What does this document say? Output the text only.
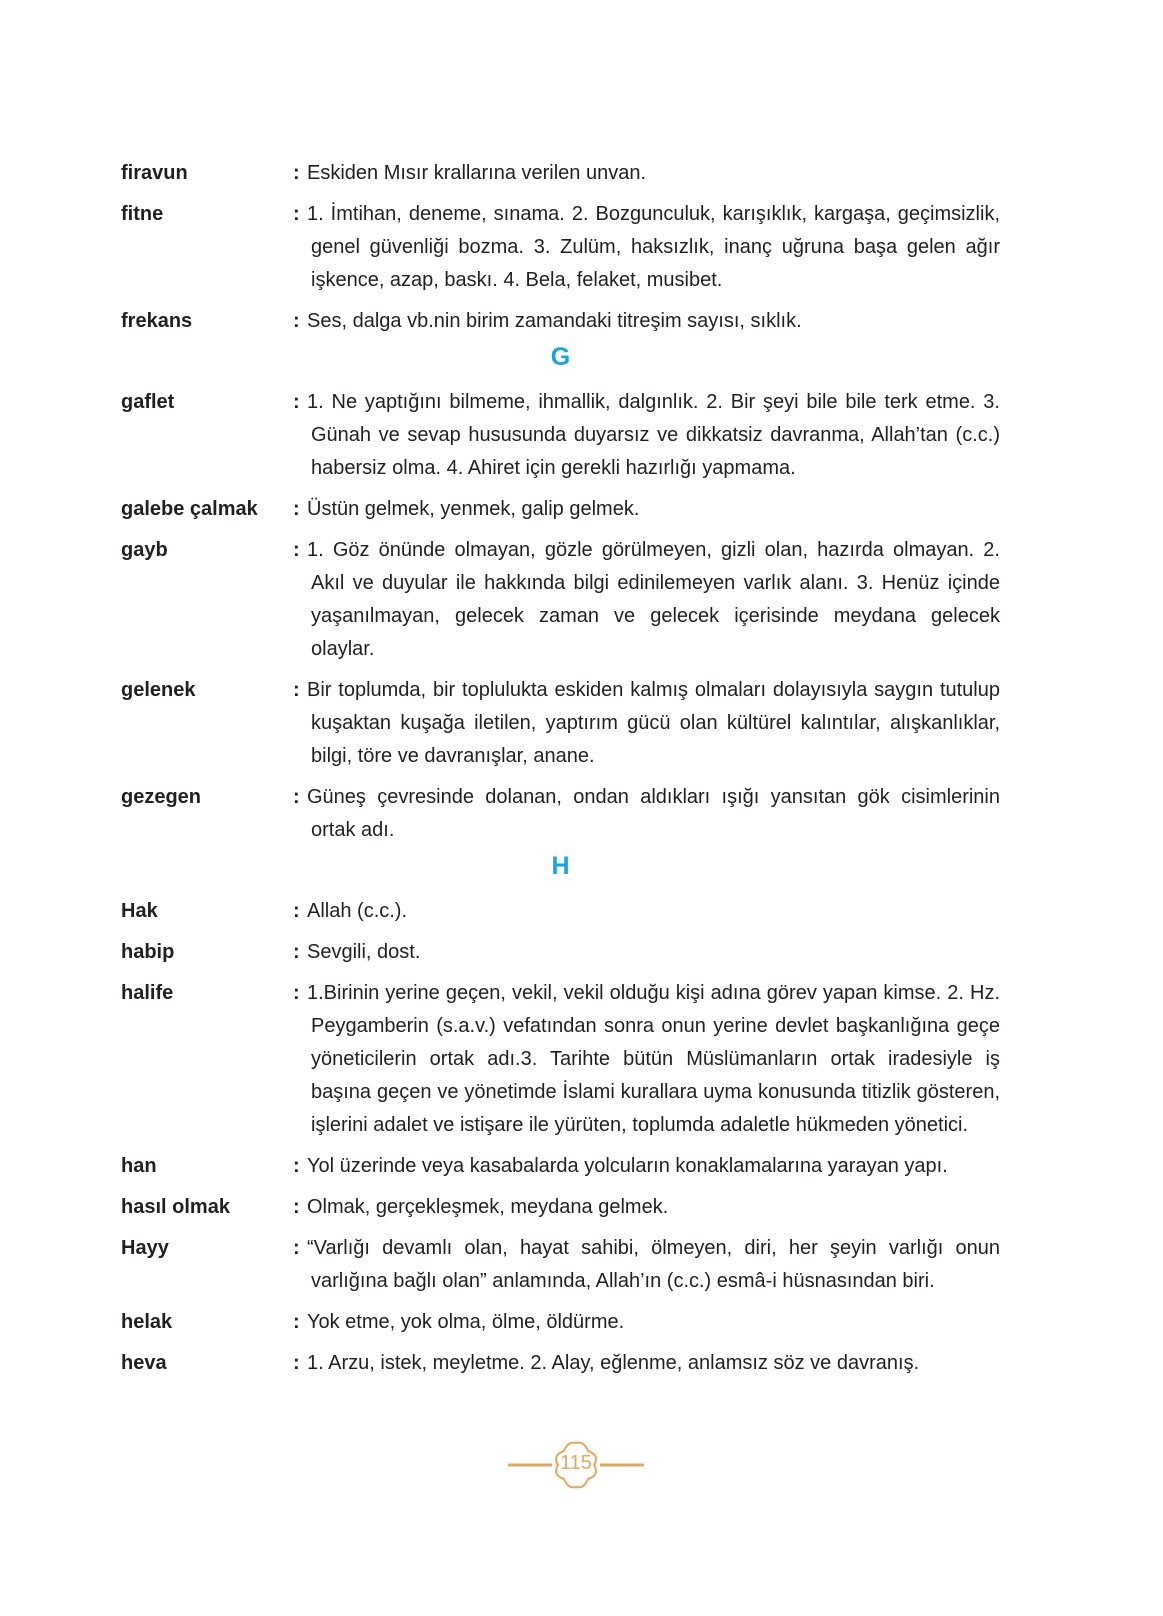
firavun	: Eskiden Mısır krallarına verilen unvan.
fitne	: 1. İmtihan, deneme, sınama. 2. Bozgunculuk, karışıklık, kargaşa, geçimsizlik, genel güvenliği bozma. 3. Zulüm, haksızlık, inanç uğruna başa gelen ağır işkence, azap, baskı. 4. Bela, felaket, musibet.
frekans	: Ses, dalga vb.nin birim zamandaki titreşim sayısı, sıklık.
G
gaflet	: 1. Ne yaptığını bilmeme, ihmallik, dalgınlık. 2. Bir şeyi bile bile terk etme. 3. Günah ve sevap hususunda duyarsız ve dikkatsiz davranma, Allah’tan (c.c.) habersiz olma. 4. Ahiret için gerekli hazırlığı yapmama.
galebe çalmak	: Üstün gelmek, yenmek, galip gelmek.
gayb	: 1. Göz önünde olmayan, gözle görülmeyen, gizli olan, hazırda olmayan. 2. Akıl ve duyular ile hakkında bilgi edinilemeyen varlık alanı. 3. Henüz içinde yaşanılmayan, gelecek zaman ve gelecek içerisinde meydana gelecek olaylar.
gelenek	: Bir toplumda, bir toplulukta eskiden kalmış olmaları dolayısıyla saygın tutulup kuşaktan kuşağa iletilen, yaptırım gücü olan kültürel kalıntılar, alışkanlıklar, bilgi, töre ve davranışlar, anane.
gezegen	: Güneş çevresinde dolanan, ondan aldıkları ışığı yansıtan gök cisimlerinin ortak adı.
H
Hak	: Allah (c.c.).
habip	: Sevgili, dost.
halife	: 1.Birinin yerine geçen, vekil, vekil olduğu kişi adına görev yapan kimse. 2. Hz. Peygamberin (s.a.v.) vefatından sonra onun yerine devlet başkanlığına geçe yöneticilerin ortak adı.3. Tarihte bütün Müslümanların ortak iradesiyle iş başına geçen ve yönetimde İslami kurallara uyma konusunda titizlik gösteren, işlerini adalet ve istişare ile yürüten, toplumda adaletle hükmeden yönetici.
han	: Yol üzerinde veya kasabalarda yolcuların konaklamalarına yarayan yapı.
hasıl olmak	: Olmak, gerçekleşmek, meydana gelmek.
Hayy	: “Varlığı devamlı olan, hayat sahibi, ölmeyen, diri, her şeyin varlığı onun varlığına bağlı olan” anlamında, Allah’ın (c.c.) esmâ-i hüsnasından biri.
helak	: Yok etme, yok olma, ölme, öldürme.
heva	: 1. Arzu, istek, meyletme. 2. Alay, eğlenme, anlamsız söz ve davranış.
115
